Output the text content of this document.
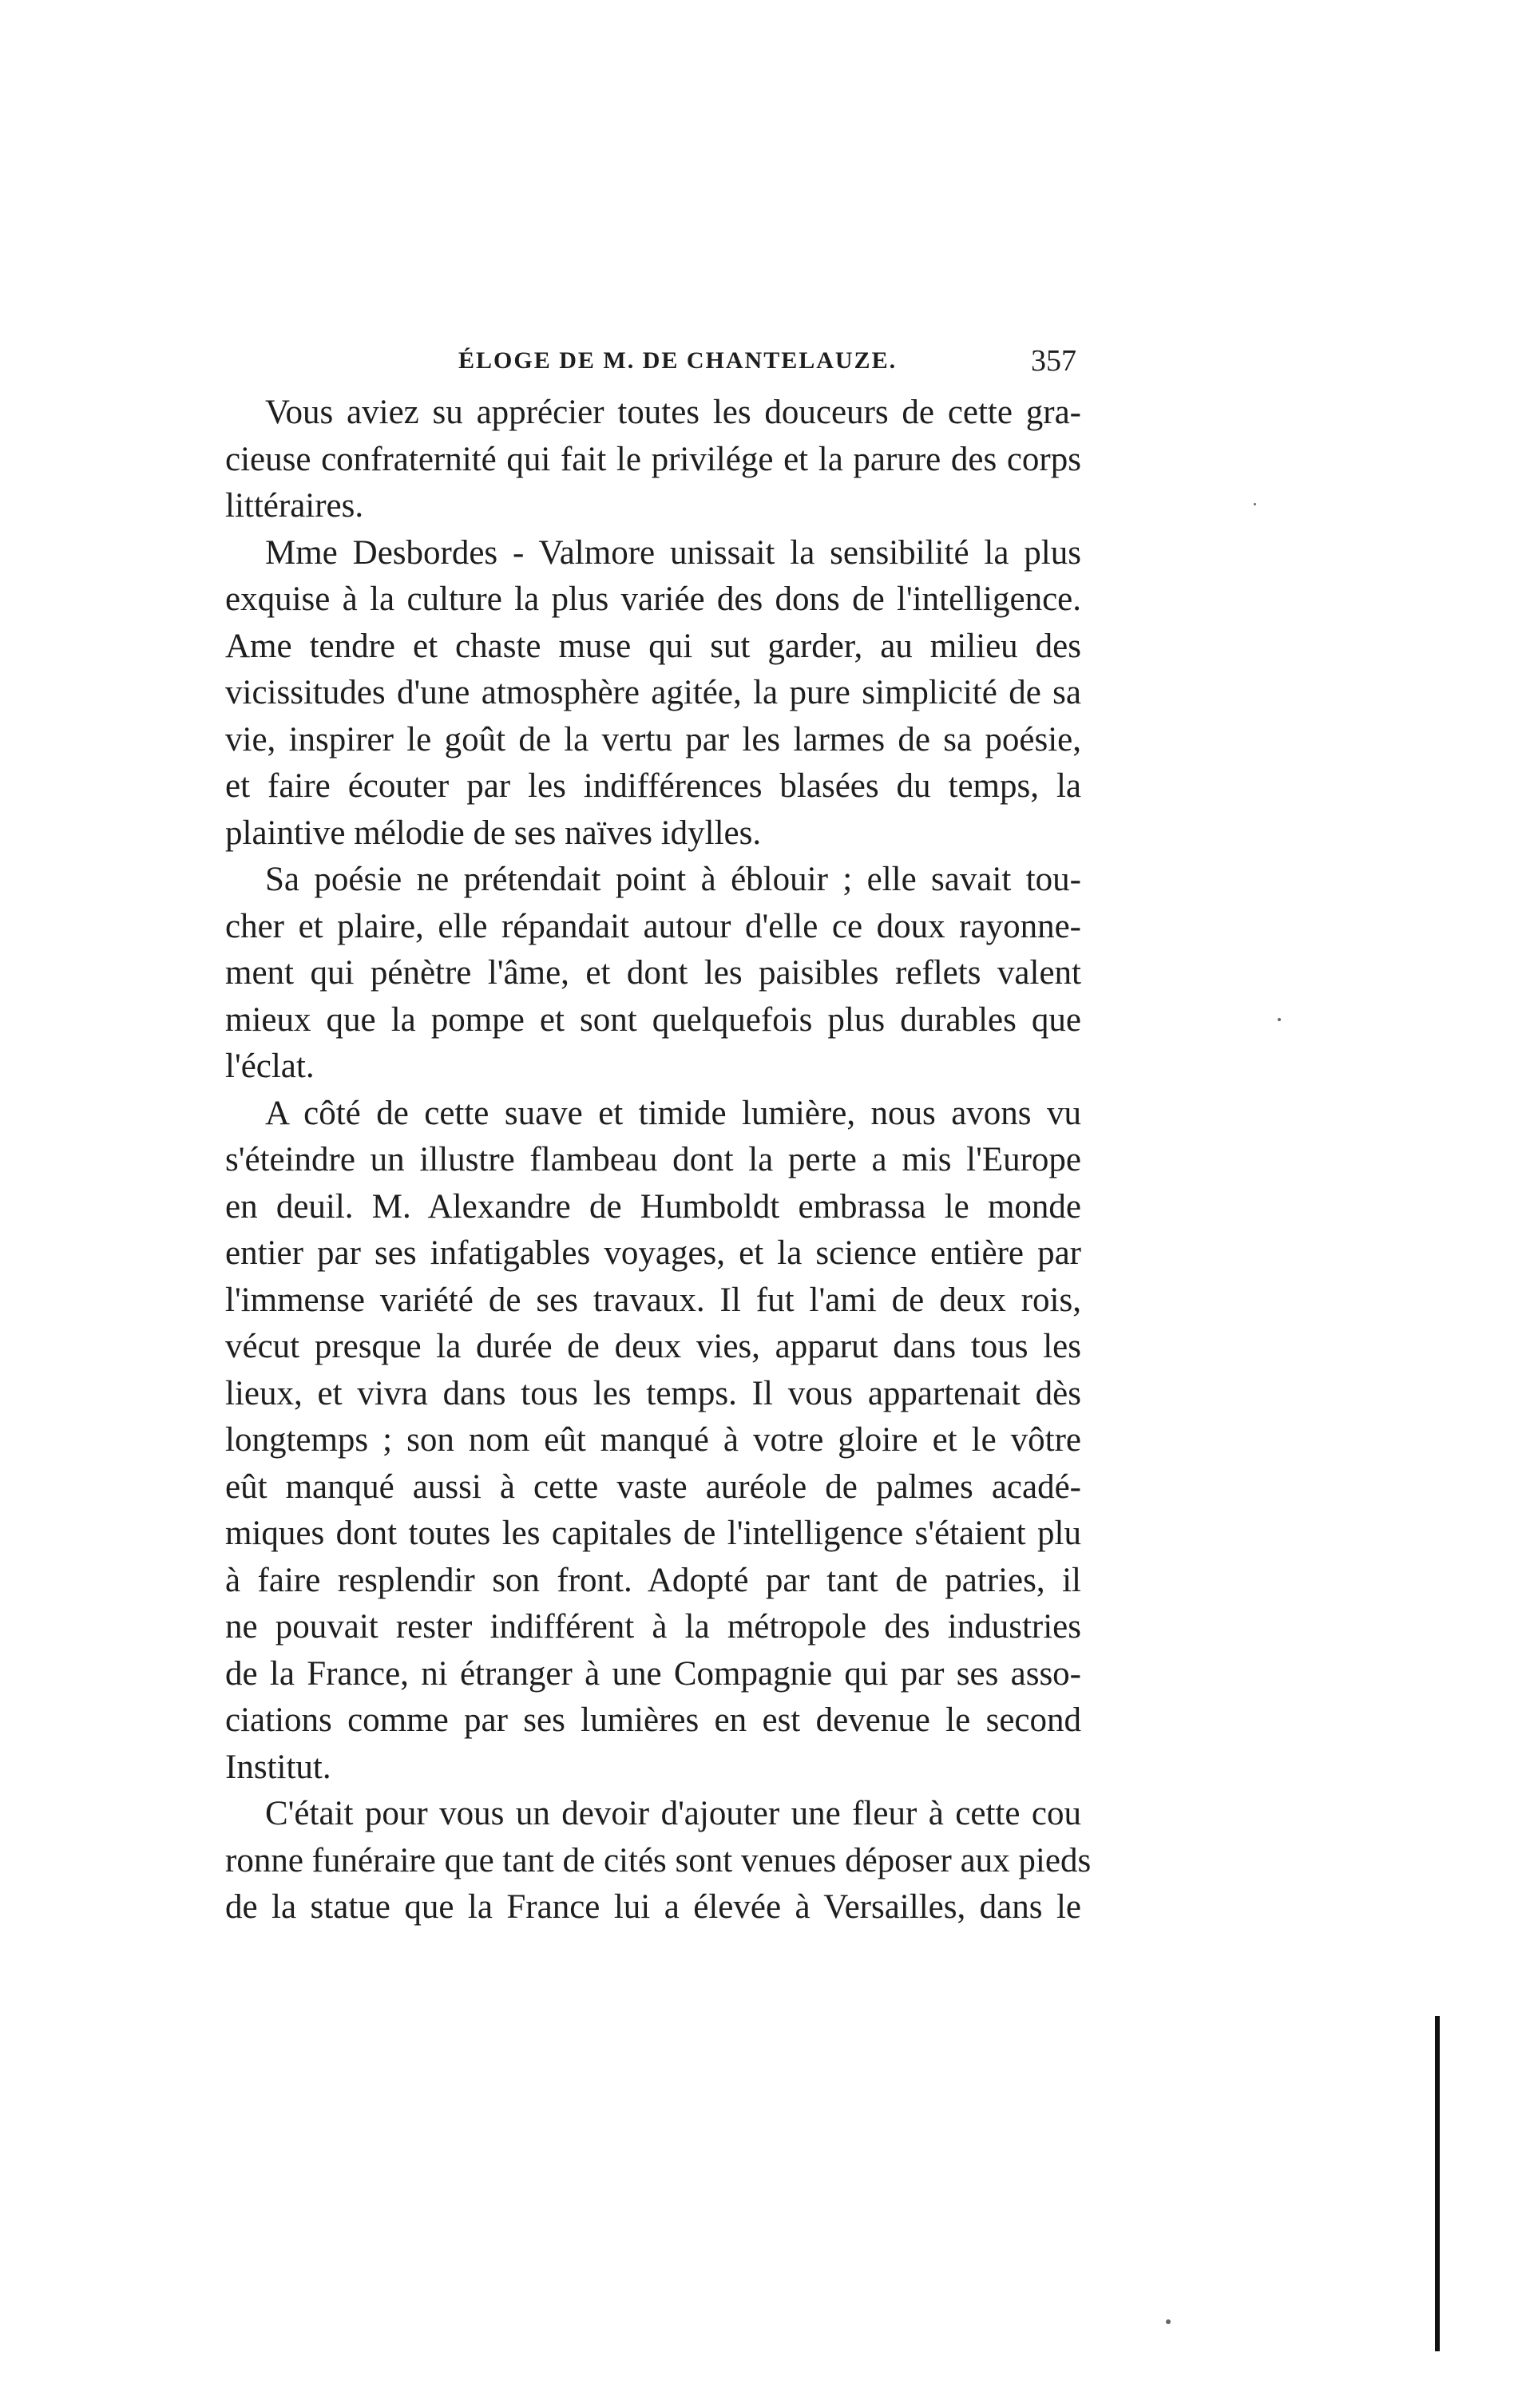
ÉLOGE DE M. DE CHANTELAUZE.	357

Vous aviez su apprécier toutes les douceurs de cette gra-
cieuse confraternité qui fait le privilége et la parure des corps
littéraires.

Mme Desbordes - Valmore unissait la sensibilité la plus
exquise à la culture la plus variée des dons de l'intelligence.
Ame tendre et chaste muse qui sut garder, au milieu des
vicissitudes d'une atmosphère agitée, la pure simplicité de sa
vie, inspirer le goût de la vertu par les larmes de sa poésie,
et faire écouter par les indifférences blasées du temps, la
plaintive mélodie de ses naïves idylles.

Sa poésie ne prétendait point à éblouir ; elle savait tou-
cher et plaire, elle répandait autour d'elle ce doux rayonne-
ment qui pénètre l'âme, et dont les paisibles reflets valent
mieux que la pompe et sont quelquefois plus durables que
l'éclat.

A côté de cette suave et timide lumière, nous avons vu
s'éteindre un illustre flambeau dont la perte a mis l'Europe
en deuil. M. Alexandre de Humboldt embrassa le monde
entier par ses infatigables voyages, et la science entière par
l'immense variété de ses travaux. Il fut l'ami de deux rois,
vécut presque la durée de deux vies, apparut dans tous les
lieux, et vivra dans tous les temps. Il vous appartenait dès
longtemps ; son nom eût manqué à votre gloire et le vôtre
eût manqué aussi à cette vaste auréole de palmes acadé-
miques dont toutes les capitales de l'intelligence s'étaient plu
à faire resplendir son front. Adopté par tant de patries, il
ne pouvait rester indifférent à la métropole des industries
de la France, ni étranger à une Compagnie qui par ses asso-
ciations comme par ses lumières en est devenue le second
Institut.

C'était pour vous un devoir d'ajouter une fleur à cette cou
ronne funéraire que tant de cités sont venues déposer aux pieds
de la statue que la France lui a élevée à Versailles, dans le
